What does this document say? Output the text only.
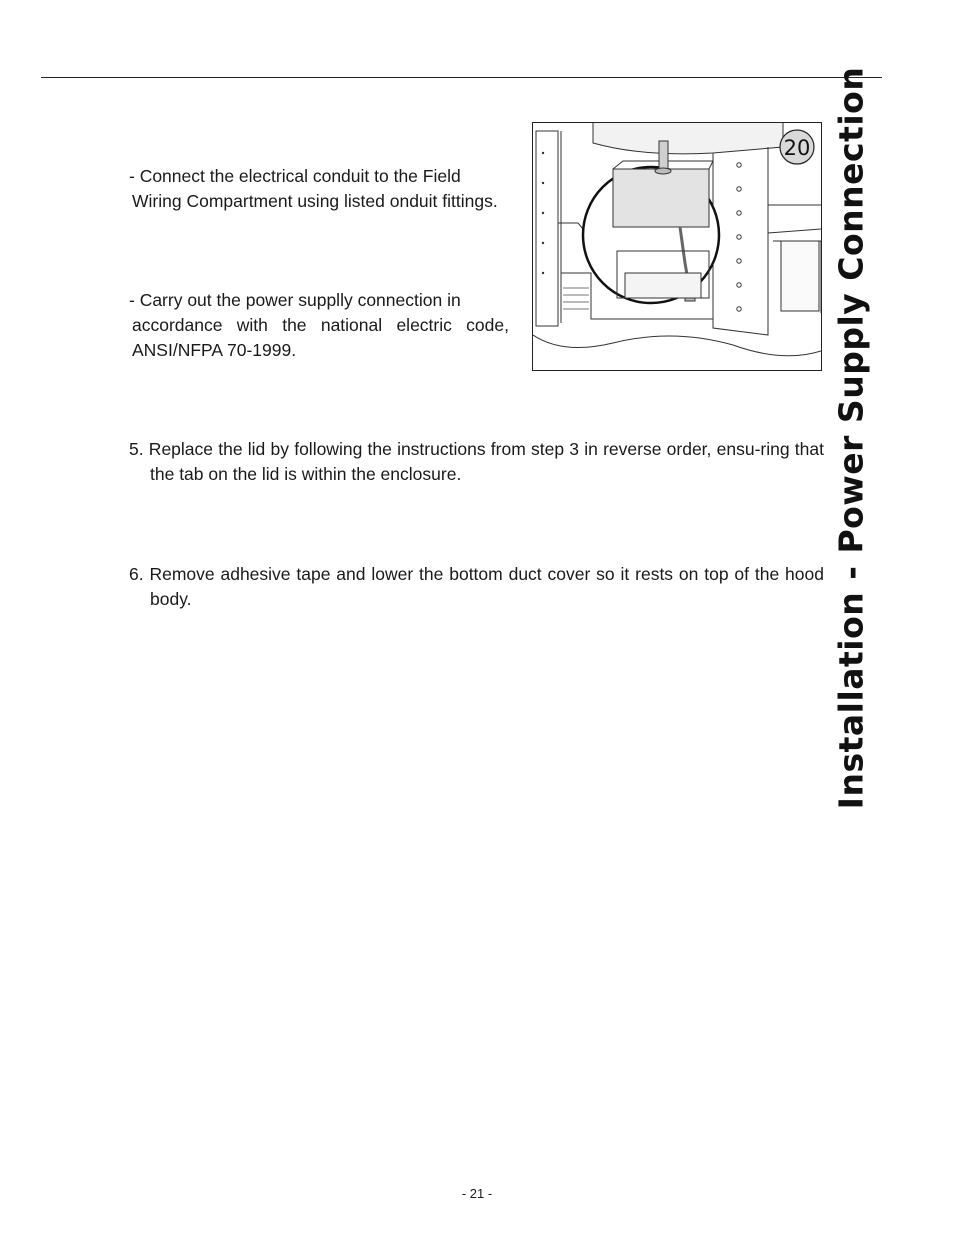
Installation - Power Supply Connection

- Connect the electrical conduit to the Field
Wiring Compartment using listed onduit fittings.

- Carry out the power suppl​ly connection in
accordance with the national electric code, ANSI/NFPA 70-1999.

20

5. Replace the lid by following the instructions from step 3 in reverse order, ensu-ring that the tab on the lid is within the enclosure.

6. Remove adhesive tape and lower the bottom duct cover so it rests on top of the hood body.

- 21 -
